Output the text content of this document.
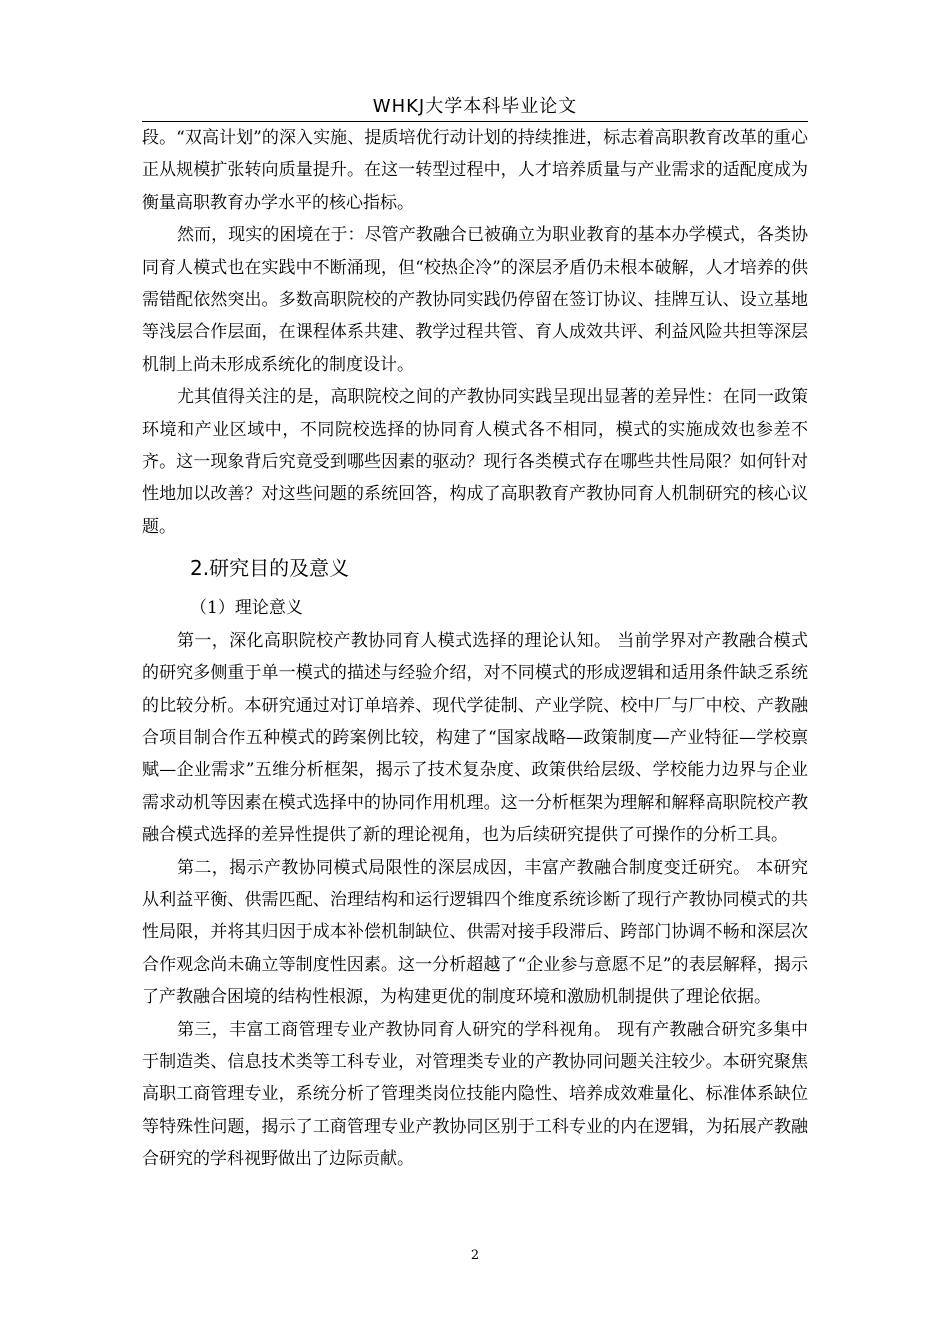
WHKJ大学本科毕业论文

段。“双高计划”的深入实施、提质培优行动计划的持续推进，标志着高职教育改革的重心正从规模扩张转向质量提升。在这一转型过程中，人才培养质量与产业需求的适配度成为衡量高职教育办学水平的核心指标。

然而，现实的困境在于：尽管产教融合已被确立为职业教育的基本办学模式，各类协同育人模式也在实践中不断涌现，但“校热企冷”的深层矛盾仍未根本破解，人才培养的供需错配依然突出。多数高职院校的产教协同实践仍停留在签订协议、挂牌互认、设立基地等浅层合作层面，在课程体系共建、教学过程共管、育人成效共评、利益风险共担等深层机制上尚未形成系统化的制度设计。

尤其值得关注的是，高职院校之间的产教协同实践呈现出显著的差异性：在同一政策环境和产业区域中，不同院校选择的协同育人模式各不相同，模式的实施成效也参差不齐。这一现象背后究竟受到哪些因素的驱动？现行各类模式存在哪些共性局限？如何针对性地加以改善？对这些问题的系统回答，构成了高职教育产教协同育人机制研究的核心议题。

2.研究目的及意义
（1）理论意义

第一，深化高职院校产教协同育人模式选择的理论认知。 当前学界对产教融合模式的研究多侧重于单一模式的描述与经验介绍，对不同模式的形成逻辑和适用条件缺乏系统的比较分析。本研究通过对订单培养、现代学徒制、产业学院、校中厂与厂中校、产教融合项目制合作五种模式的跨案例比较，构建了“国家战略—政策制度—产业特征—学校禀赋—企业需求”五维分析框架，揭示了技术复杂度、政策供给层级、学校能力边界与企业需求动机等因素在模式选择中的协同作用机理。这一分析框架为理解和解释高职院校产教融合模式选择的差异性提供了新的理论视角，也为后续研究提供了可操作的分析工具。

第二，揭示产教协同模式局限性的深层成因，丰富产教融合制度变迁研究。 本研究从利益平衡、供需匹配、治理结构和运行逻辑四个维度系统诊断了现行产教协同模式的共性局限，并将其归因于成本补偿机制缺位、供需对接手段滞后、跨部门协调不畅和深层次合作观念尚未确立等制度性因素。这一分析超越了“企业参与意愿不足”的表层解释，揭示了产教融合困境的结构性根源，为构建更优的制度环境和激励机制提供了理论依据。

第三，丰富工商管理专业产教协同育人研究的学科视角。 现有产教融合研究多集中于制造类、信息技术类等工科专业，对管理类专业的产教协同问题关注较少。本研究聚焦高职工商管理专业，系统分析了管理类岗位技能内隐性、培养成效难量化、标准体系缺位等特殊性问题，揭示了工商管理专业产教协同区别于工科专业的内在逻辑，为拓展产教融合研究的学科视野做出了边际贡献。

2
